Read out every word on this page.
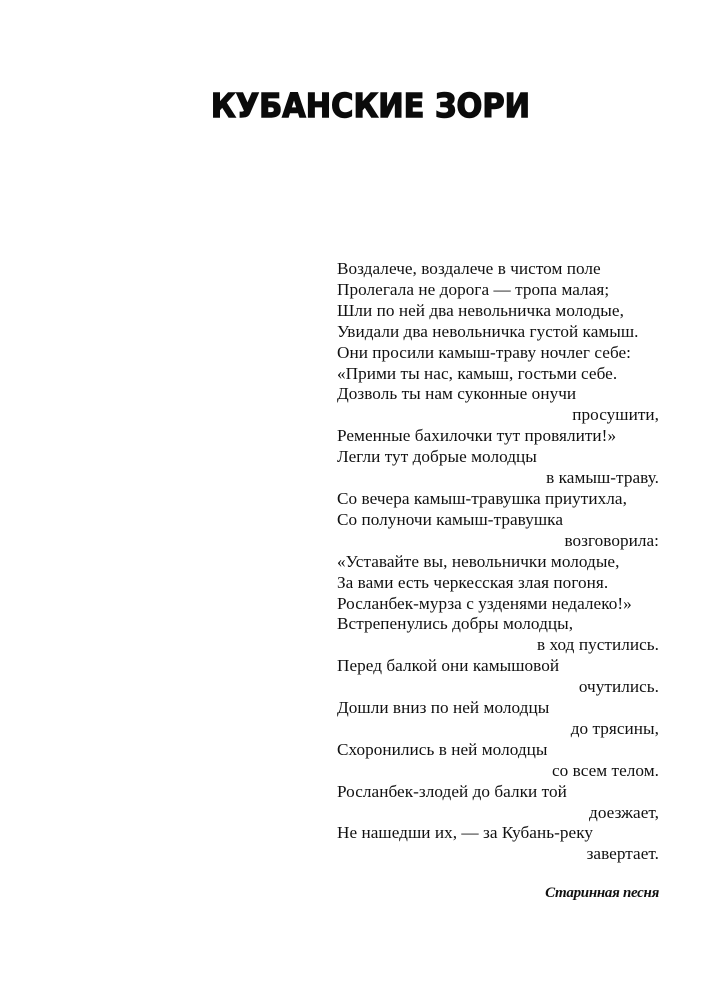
КУБАНСКИЕ ЗОРИ
Воздалече, воздалече в чистом поле
Пролегала не дорога — тропа малая;
Шли по ней два невольничка молодые,
Увидали два невольничка густой камыш.
Они просили камыш-траву ночлег себе:
«Прими ты нас, камыш, гостьми себе.
Дозволь ты нам суконные онучи
просушити,
Ременные бахилочки тут провялити!»
Легли тут добрые молодцы
в камыш-траву.
Со вечера камыш-травушка приутихла,
Со полуночи камыш-травушка
возговорила:
«Уставайте вы, невольнички молодые,
За вами есть черкесская злая погоня.
Росланбек-мурза с узденями недалеко!»
Встрепенулись добры молодцы,
в ход пустились.
Перед балкой они камышовой
очутились.
Дошли вниз по ней молодцы
до трясины,
Схоронились в ней молодцы
со всем телом.
Росланбек-злодей до балки той
доезжает,
Не нашедши их, — за Кубань-реку
завертает.
Старинная песня
